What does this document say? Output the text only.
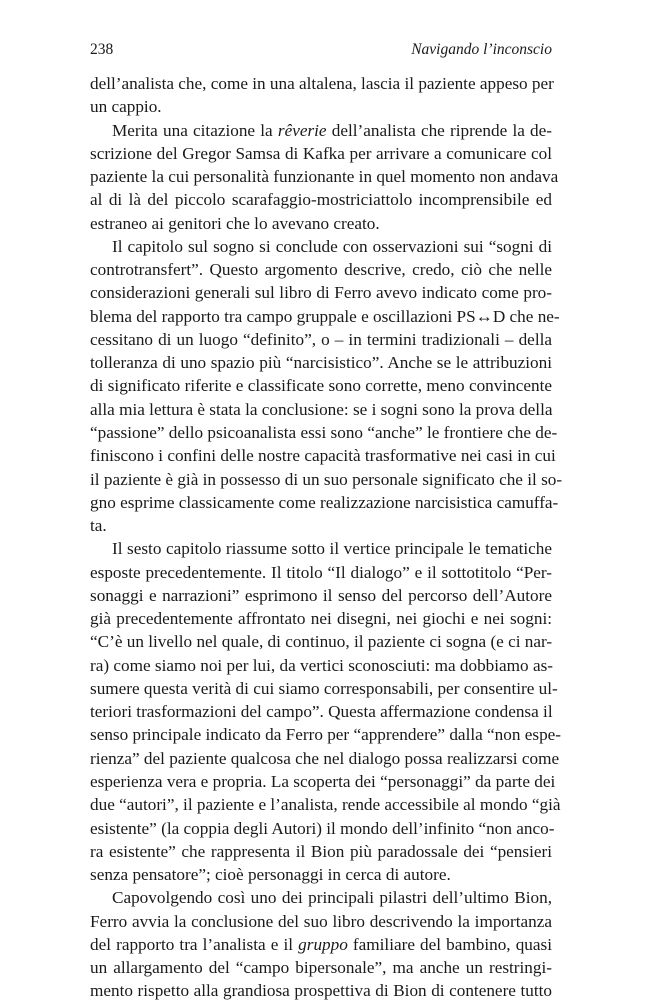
238	Navigando l’inconscio
dell’analista che, come in una altalena, lascia il paziente appeso per
un cappio.
Merita una citazione la rêverie dell’analista che riprende la de-
scrizione del Gregor Samsa di Kafka per arrivare a comunicare col
paziente la cui personalità funzionante in quel momento non andava
al di là del piccolo scarafaggio-mostriciattolo incomprensibile ed
estraneo ai genitori che lo avevano creato.
Il capitolo sul sogno si conclude con osservazioni sui “sogni di
controtransfert”. Questo argomento descrive, credo, ciò che nelle
considerazioni generali sul libro di Ferro avevo indicato come pro-
blema del rapporto tra campo gruppale e oscillazioni PS↔D che ne-
cessitano di un luogo “definito”, o – in termini tradizionali – della
tolleranza di uno spazio più “narcisistico”. Anche se le attribuzioni
di significato riferite e classificate sono corrette, meno convincente
alla mia lettura è stata la conclusione: se i sogni sono la prova della
“passione” dello psicoanalista essi sono “anche” le frontiere che de-
finiscono i confini delle nostre capacità trasformative nei casi in cui
il paziente è già in possesso di un suo personale significato che il so-
gno esprime classicamente come realizzazione narcisistica camuffa-
ta.
Il sesto capitolo riassume sotto il vertice principale le tematiche
esposte precedentemente. Il titolo “Il dialogo” e il sottotitolo “Per-
sonaggi e narrazioni” esprimono il senso del percorso dell’Autore
già precedentemente affrontato nei disegni, nei giochi e nei sogni:
“C’è un livello nel quale, di continuo, il paziente ci sogna (e ci nar-
ra) come siamo noi per lui, da vertici sconosciuti: ma dobbiamo as-
sumere questa verità di cui siamo corresponsabili, per consentire ul-
teriori trasformazioni del campo”. Questa affermazione condensa il
senso principale indicato da Ferro per “apprendere” dalla “non espe-
rienza” del paziente qualcosa che nel dialogo possa realizzarsi come
esperienza vera e propria. La scoperta dei “personaggi” da parte dei
due “autori”, il paziente e l’analista, rende accessibile al mondo “già
esistente” (la coppia degli Autori) il mondo dell’infinito “non anco-
ra esistente” che rappresenta il Bion più paradossale dei “pensieri
senza pensatore”; cioè personaggi in cerca di autore.
Capovolgendo così uno dei principali pilastri dell’ultimo Bion,
Ferro avvia la conclusione del suo libro descrivendo la importanza
del rapporto tra l’analista e il gruppo familiare del bambino, quasi
un allargamento del “campo bipersonale”, ma anche un restringi-
mento rispetto alla grandiosa prospettiva di Bion di contenere tutto
